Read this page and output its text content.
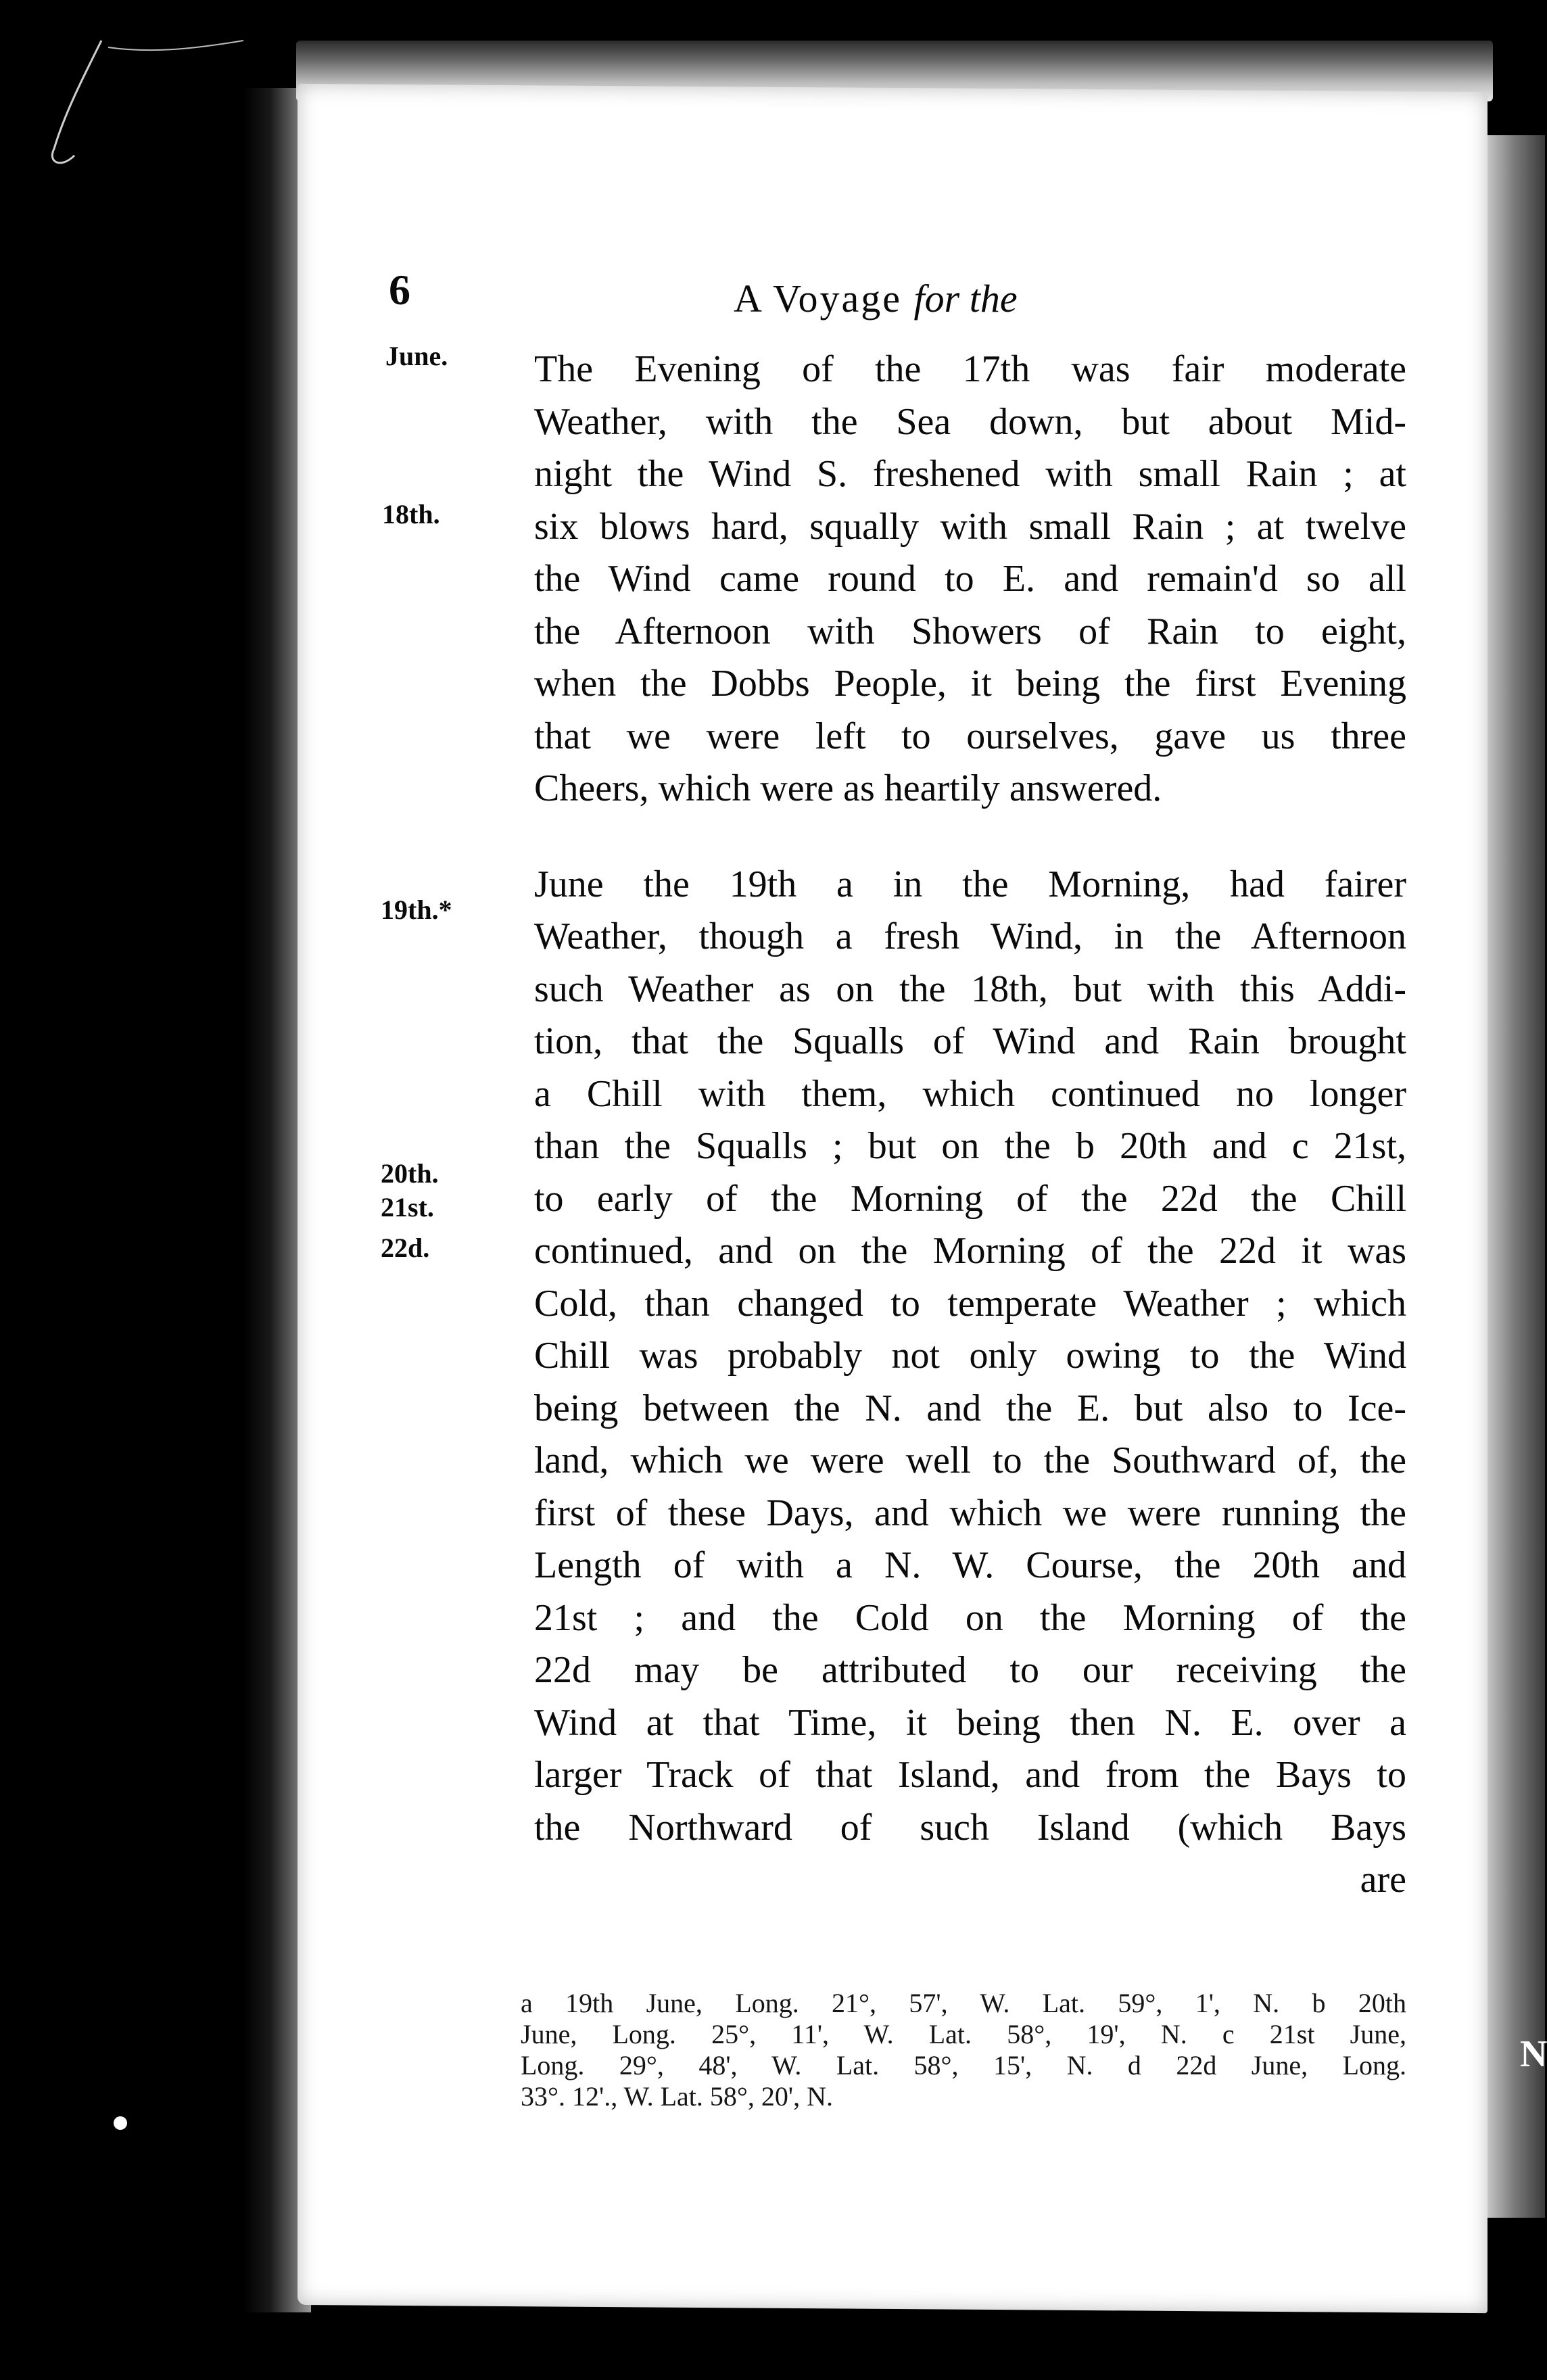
6	A Voyage for the
June.
18th.
19th.*
20th.
21st.
22d.
The Evening of the 17th was fair moderate
Weather, with the Sea down, but about Mid-
night the Wind S. freshened with small Rain ; at
six blows hard, squally with small Rain ; at twelve
the Wind came round to E. and remain'd so all
the Afternoon with Showers of Rain to eight,
when the Dobbs People, it being the first Evening
that we were left to ourselves, gave us three
Cheers, which were as heartily answered.
June the 19th a in the Morning, had fairer
Weather, though a fresh Wind, in the Afternoon
such Weather as on the 18th, but with this Addi-
tion, that the Squalls of Wind and Rain brought
a Chill with them, which continued no longer
than the Squalls ; but on the b 20th and c 21st,
to early of the Morning of the 22d the Chill
continued, and on the Morning of the 22d it was
Cold, than changed to temperate Weather ; which
Chill was probably not only owing to the Wind
being between the N. and the E. but also to Ice-
land, which we were well to the Southward of, the
first of these Days, and which we were running the
Length of with a N. W. Course, the 20th and
21st ; and the Cold on the Morning of the
22d may be attributed to our receiving the
Wind at that Time, it being then N. E. over a
larger Track of that Island, and from the Bays to
the Northward of such Island (which Bays
are
a 19th June, Long. 21°, 57', W. Lat. 59°, 1', N. b 20th
June, Long. 25°, 11', W. Lat. 58°, 19', N. c 21st June,
Long. 29°, 48', W. Lat. 58°, 15', N. d 22d June, Long.
33°. 12'., W. Lat. 58°, 20', N.
N
